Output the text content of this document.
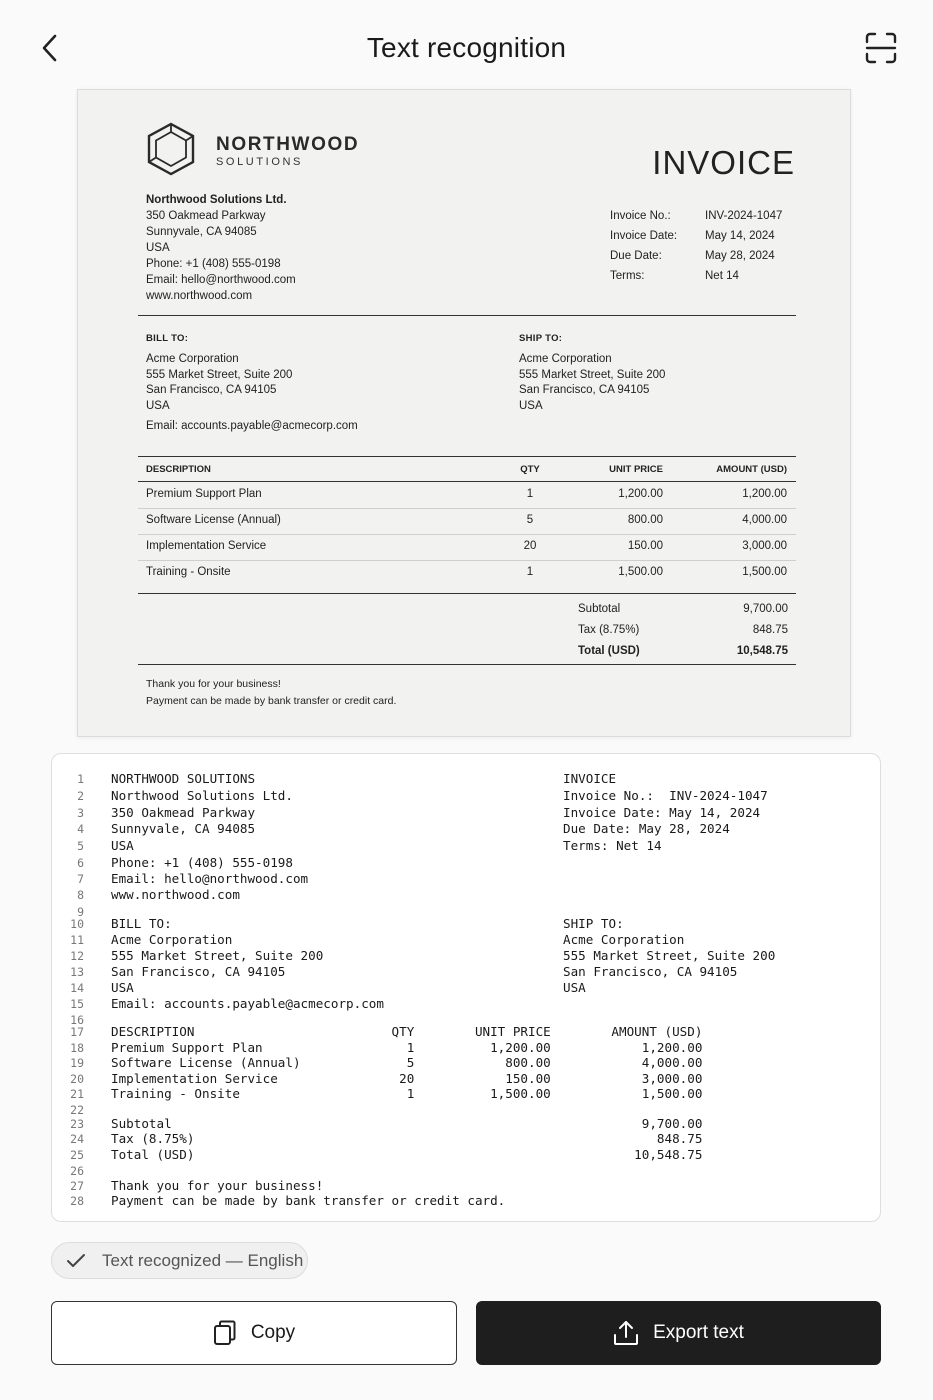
Text recognition
NORTHWOOD
SOLUTIONS	INVOICE
Northwood Solutions Ltd.
350 Oakmead Parkway
Sunnyvale, CA 94085
USA
Phone: +1 (408) 555-0198
Email: hello@northwood.com
www.northwood.com
Invoice No.:	INV-2024-1047
Invoice Date:	May 14, 2024
Due Date:	May 28, 2024
Terms:	Net 14
BILL TO:
Acme Corporation
555 Market Street, Suite 200
San Francisco, CA 94105
USA
Email: accounts.payable@acmecorp.com
SHIP TO:
Acme Corporation
555 Market Street, Suite 200
San Francisco, CA 94105
USA
DESCRIPTION	QTY	UNIT PRICE	AMOUNT (USD)
Premium Support Plan	1	1,200.00	1,200.00
Software License (Annual)	5	800.00	4,000.00
Implementation Service	20	150.00	3,000.00
Training - Onsite	1	1,500.00	1,500.00
Subtotal	9,700.00
Tax (8.75%)	848.75
Total (USD)	10,548.75
Thank you for your business!
Payment can be made by bank transfer or credit card.
1 NORTHWOOD SOLUTIONS	INVOICE
2 Northwood Solutions Ltd.	Invoice No.:  INV-2024-1047
3 350 Oakmead Parkway	Invoice Date: May 14, 2024
4 Sunnyvale, CA 94085	Due Date: May 28, 2024
5 USA	Terms: Net 14
6 Phone: +1 (408) 555-0198
7 Email: hello@northwood.com
8 www.northwood.com
9
10 BILL TO:	SHIP TO:
11 Acme Corporation	Acme Corporation
12 555 Market Street, Suite 200	555 Market Street, Suite 200
13 San Francisco, CA 94105	San Francisco, CA 94105
14 USA	USA
15 Email: accounts.payable@acmecorp.com
16
17 DESCRIPTION                          QTY        UNIT PRICE        AMOUNT (USD)
18 Premium Support Plan                   1          1,200.00            1,200.00
19 Software License (Annual)              5            800.00            4,000.00
20 Implementation Service                20            150.00            3,000.00
21 Training - Onsite                      1          1,500.00            1,500.00
22
23 Subtotal                                                              9,700.00
24 Tax (8.75%)                                                             848.75
25 Total (USD)                                                          10,548.75
26
27 Thank you for your business!
28 Payment can be made by bank transfer or credit card.
Text recognized — English
Copy	Export text
